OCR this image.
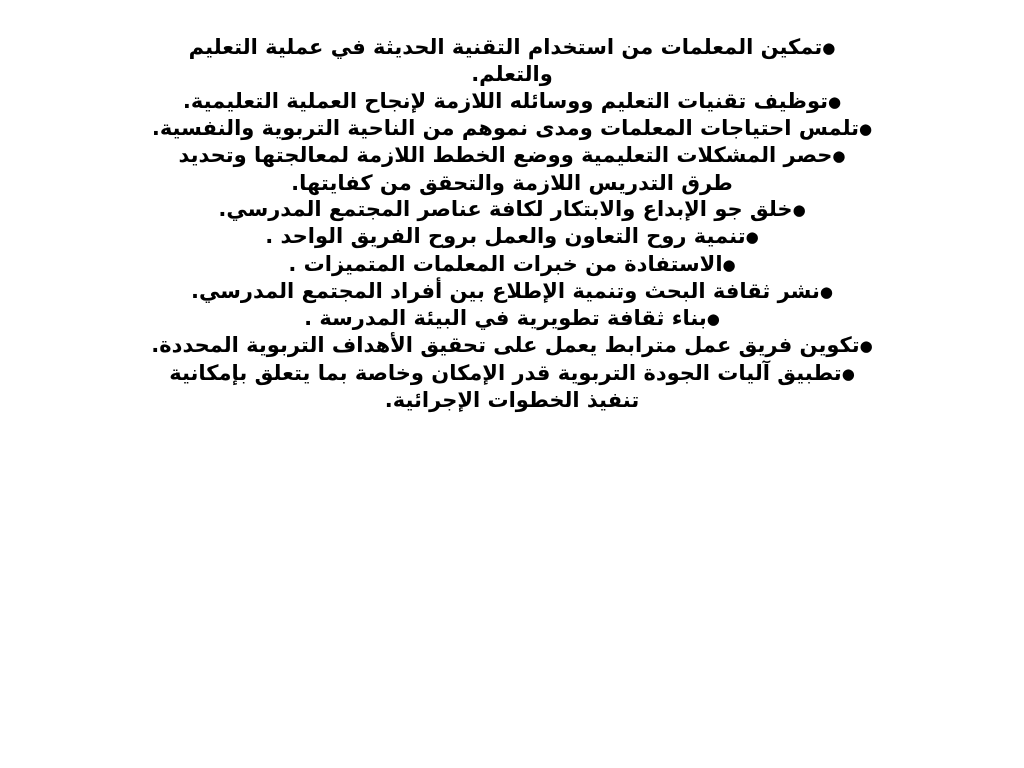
●تمكين المعلمات من استخدام التقنية الحديثة في عملية التعليم والتعلم.

●توظيف تقنيات التعليم ووسائله اللازمة لإنجاح العملية التعليمية.

●تلمس احتياجات المعلمات ومدى نموهم من الناحية التربوية والنفسية.

●حصر المشكلات التعليمية ووضع الخطط اللازمة لمعالجتها وتحديد طرق التدريس اللازمة والتحقق من كفايتها.

●خلق جو الإبداع والابتكار لكافة عناصر المجتمع المدرسي.

●تنمية روح التعاون والعمل بروح الفريق الواحد .

●الاستفادة من خبرات المعلمات المتميزات .

●نشر ثقافة البحث وتنمية الإطلاع بين أفراد المجتمع المدرسي.

●بناء ثقافة تطويرية في البيئة المدرسة .

●تكوين فريق عمل مترابط يعمل على تحقيق الأهداف التربوية المحددة.

●تطبيق آليات الجودة التربوية قدر الإمكان وخاصة بما يتعلق بإمكانية تنفيذ الخطوات الإجرائية.
